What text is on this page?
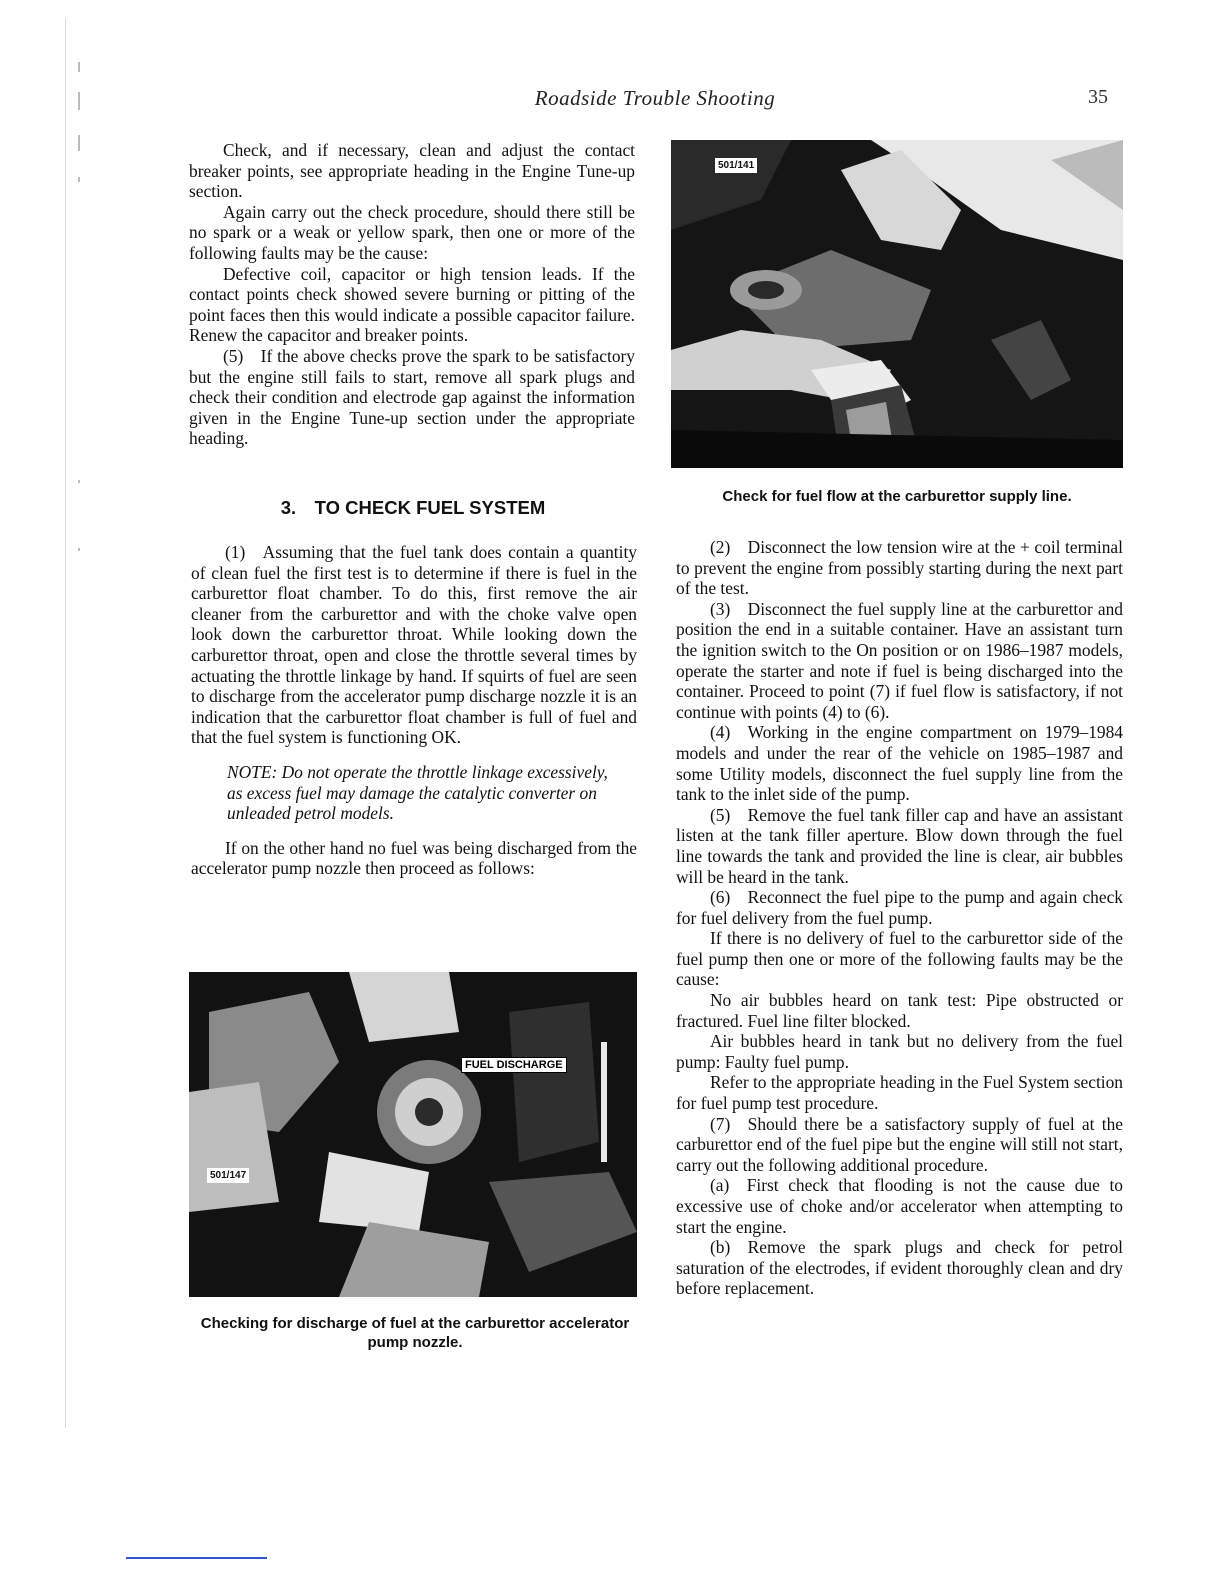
Roadside Trouble Shooting	35

Check, and if necessary, clean and adjust the contact breaker points, see appropriate heading in the Engine Tune-up section.

Again carry out the check procedure, should there still be no spark or a weak or yellow spark, then one or more of the following faults may be the cause:

Defective coil, capacitor or high tension leads. If the contact points check showed severe burning or pitting of the point faces then this would indicate a possible capacitor failure. Renew the capacitor and breaker points.

(5) If the above checks prove the spark to be satisfactory but the engine still fails to start, remove all spark plugs and check their condition and electrode gap against the information given in the Engine Tune-up section under the appropriate heading.

3. TO CHECK FUEL SYSTEM

(1) Assuming that the fuel tank does contain a quantity of clean fuel the first test is to determine if there is fuel in the carburettor float chamber. To do this, first remove the air cleaner from the carburettor and with the choke valve open look down the carburettor throat. While looking down the carburettor throat, open and close the throttle several times by actuating the throttle linkage by hand. If squirts of fuel are seen to discharge from the accelerator pump discharge nozzle it is an indication that the carburettor float chamber is full of fuel and that the fuel system is functioning OK.

NOTE: Do not operate the throttle linkage excessively, as excess fuel may damage the catalytic converter on unleaded petrol models.

If on the other hand no fuel was being discharged from the accelerator pump nozzle then proceed as follows:

501/141
Check for fuel flow at the carburettor supply line.
FUEL DISCHARGE
501/147
Checking for discharge of fuel at the carburettor accelerator pump nozzle.

(2) Disconnect the low tension wire at the + coil terminal to prevent the engine from possibly starting during the next part of the test.

(3) Disconnect the fuel supply line at the carburettor and position the end in a suitable container. Have an assistant turn the ignition switch to the On position or on 1986–1987 models, operate the starter and note if fuel is being discharged into the container. Proceed to point (7) if fuel flow is satisfactory, if not continue with points (4) to (6).

(4) Working in the engine compartment on 1979–1984 models and under the rear of the vehicle on 1985–1987 and some Utility models, disconnect the fuel supply line from the tank to the inlet side of the pump.

(5) Remove the fuel tank filler cap and have an assistant listen at the tank filler aperture. Blow down through the fuel line towards the tank and provided the line is clear, air bubbles will be heard in the tank.

(6) Reconnect the fuel pipe to the pump and again check for fuel delivery from the fuel pump.

If there is no delivery of fuel to the carburettor side of the fuel pump then one or more of the following faults may be the cause:

No air bubbles heard on tank test: Pipe obstructed or fractured. Fuel line filter blocked.

Air bubbles heard in tank but no delivery from the fuel pump: Faulty fuel pump.

Refer to the appropriate heading in the Fuel System section for fuel pump test procedure.

(7) Should there be a satisfactory supply of fuel at the carburettor end of the fuel pipe but the engine will still not start, carry out the following additional procedure.

(a) First check that flooding is not the cause due to excessive use of choke and/or accelerator when attempting to start the engine.

(b) Remove the spark plugs and check for petrol saturation of the electrodes, if evident thoroughly clean and dry before replacement.
